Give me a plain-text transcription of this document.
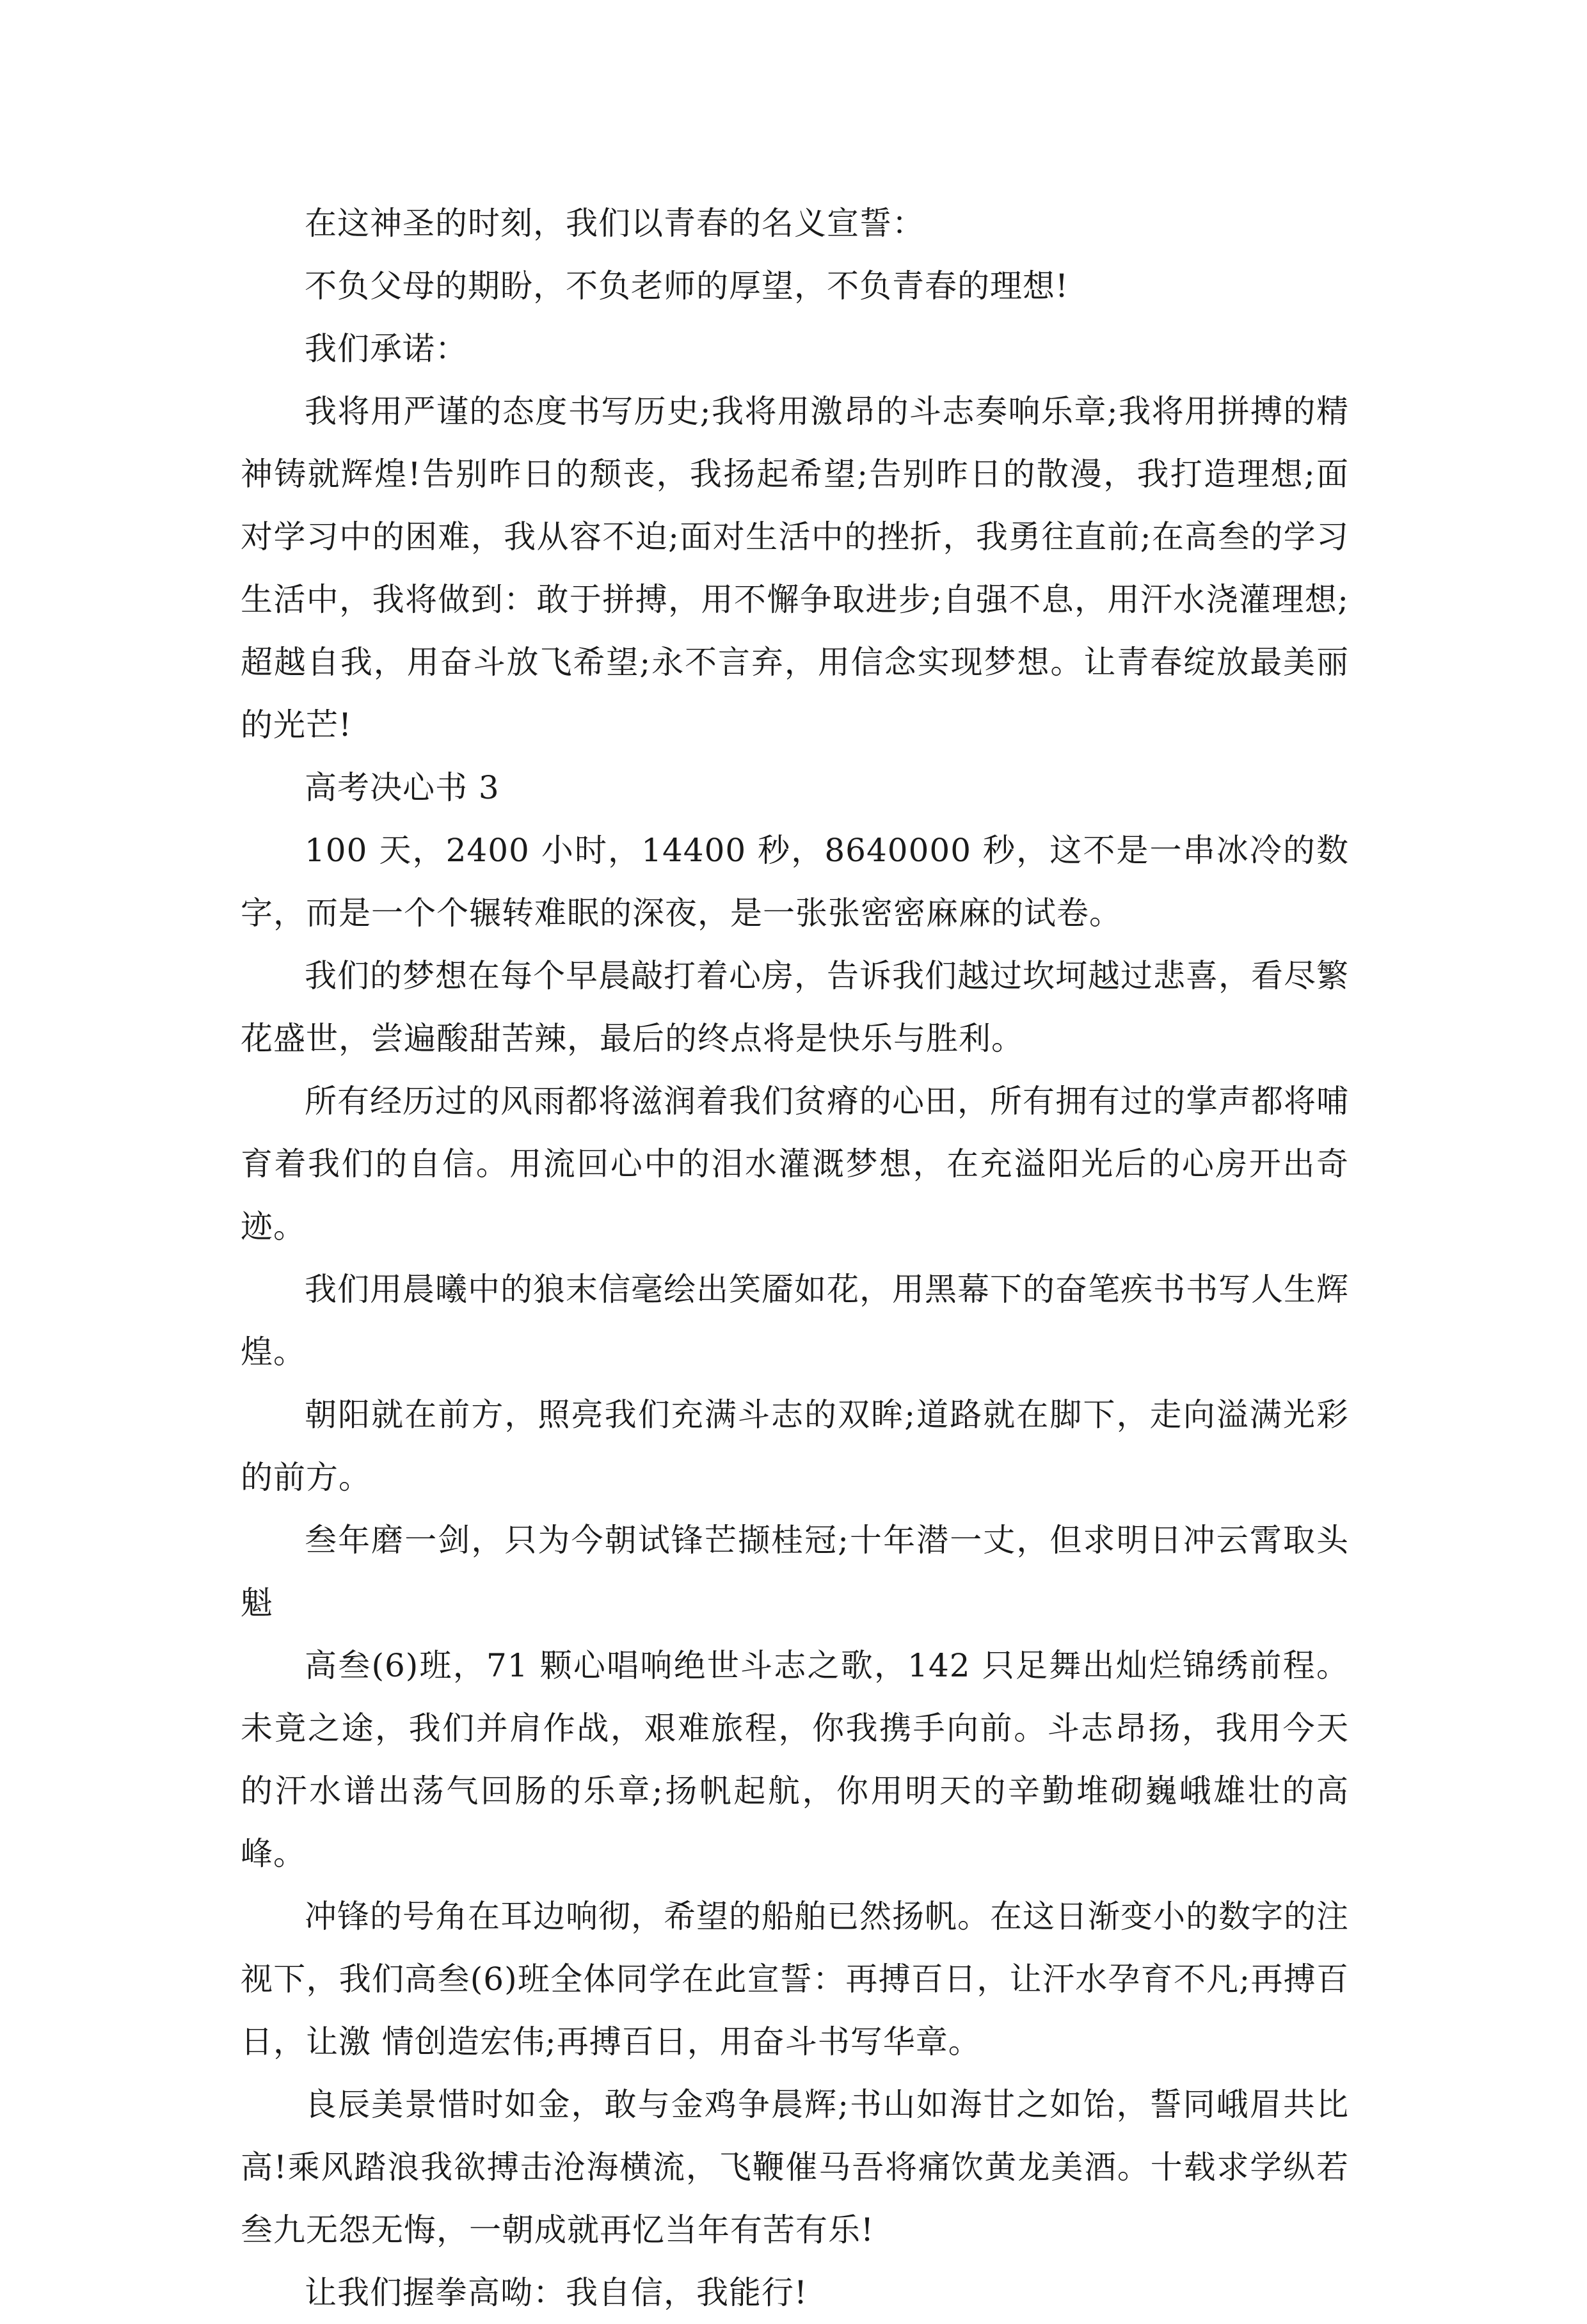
在这神圣的时刻，我们以青春的名义宣誓：

不负父母的期盼，不负老师的厚望，不负青春的理想!

我们承诺：

我将用严谨的态度书写历史;我将用激昂的斗志奏响乐章;我将用拼搏的精神铸就辉煌!告别昨日的颓丧，我扬起希望;告别昨日的散漫，我打造理想;面对学习中的困难，我从容不迫;面对生活中的挫折，我勇往直前;在高叁的学习生活中，我将做到：敢于拼搏，用不懈争取进步;自强不息，用汗水浇灌理想;超越自我，用奋斗放飞希望;永不言弃，用信念实现梦想。让青春绽放最美丽的光芒!

高考决心书 3

100 天，2400 小时，14400 秒，8640000 秒，这不是一串冰冷的数字，而是一个个辗转难眠的深夜，是一张张密密麻麻的试卷。

我们的梦想在每个早晨敲打着心房，告诉我们越过坎坷越过悲喜，看尽繁花盛世，尝遍酸甜苦辣，最后的终点将是快乐与胜利。

所有经历过的风雨都将滋润着我们贫瘠的心田，所有拥有过的掌声都将哺育着我们的自信。用流回心中的泪水灌溉梦想，在充溢阳光后的心房开出奇迹。

我们用晨曦中的狼末信毫绘出笑靥如花，用黑幕下的奋笔疾书书写人生辉煌。

朝阳就在前方，照亮我们充满斗志的双眸;道路就在脚下，走向溢满光彩的前方。

叁年磨一剑，只为今朝试锋芒撷桂冠;十年潜一丈，但求明日冲云霄取头魁

高叁(6)班，71 颗心唱响绝世斗志之歌，142 只足舞出灿烂锦绣前程。未竟之途，我们并肩作战，艰难旅程，你我携手向前。斗志昂扬，我用今天的汗水谱出荡气回肠的乐章;扬帆起航，你用明天的辛勤堆砌巍峨雄壮的高峰。

冲锋的号角在耳边响彻，希望的船舶已然扬帆。在这日渐变小的数字的注视下，我们高叁(6)班全体同学在此宣誓：再搏百日，让汗水孕育不凡;再搏百日，让激 情创造宏伟;再搏百日，用奋斗书写华章。

良辰美景惜时如金，敢与金鸡争晨辉;书山如海甘之如饴，誓同峨眉共比高!乘风踏浪我欲搏击沧海横流，飞鞭催马吾将痛饮黄龙美酒。十载求学纵若叁九无怨无悔，一朝成就再忆当年有苦有乐!

让我们握拳高呦：我自信，我能行!
